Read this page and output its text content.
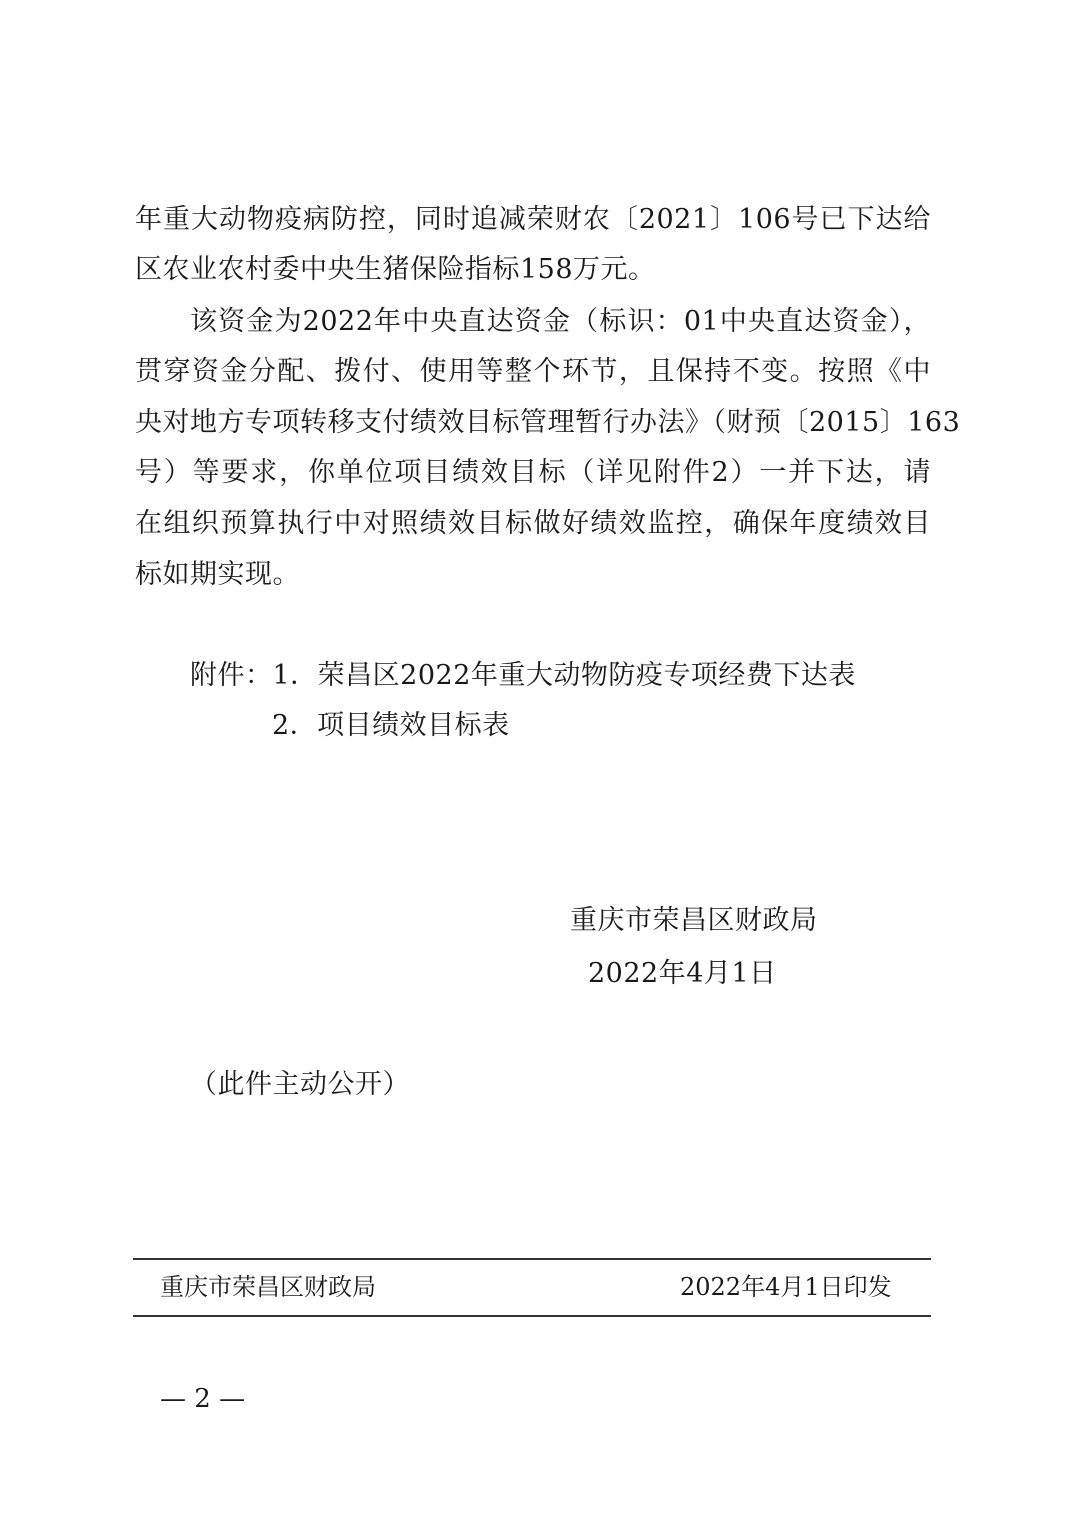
年重大动物疫病防控，同时追减荣财农〔2021〕106号已下达给
区农业农村委中央生猪保险指标158万元。
该资金为2022年中央直达资金（标识：01中央直达资金），
贯穿资金分配、拨付、使用等整个环节，且保持不变。按照《中
央对地方专项转移支付绩效目标管理暂行办法》（财预〔2015〕163
号）等要求，你单位项目绩效目标（详见附件2）一并下达，请
在组织预算执行中对照绩效目标做好绩效监控，确保年度绩效目
标如期实现。
附件：1．荣昌区2022年重大动物防疫专项经费下达表
2．项目绩效目标表
重庆市荣昌区财政局
2022年4月1日
（此件主动公开）
重庆市荣昌区财政局	2022年4月1日印发
— 2 —
